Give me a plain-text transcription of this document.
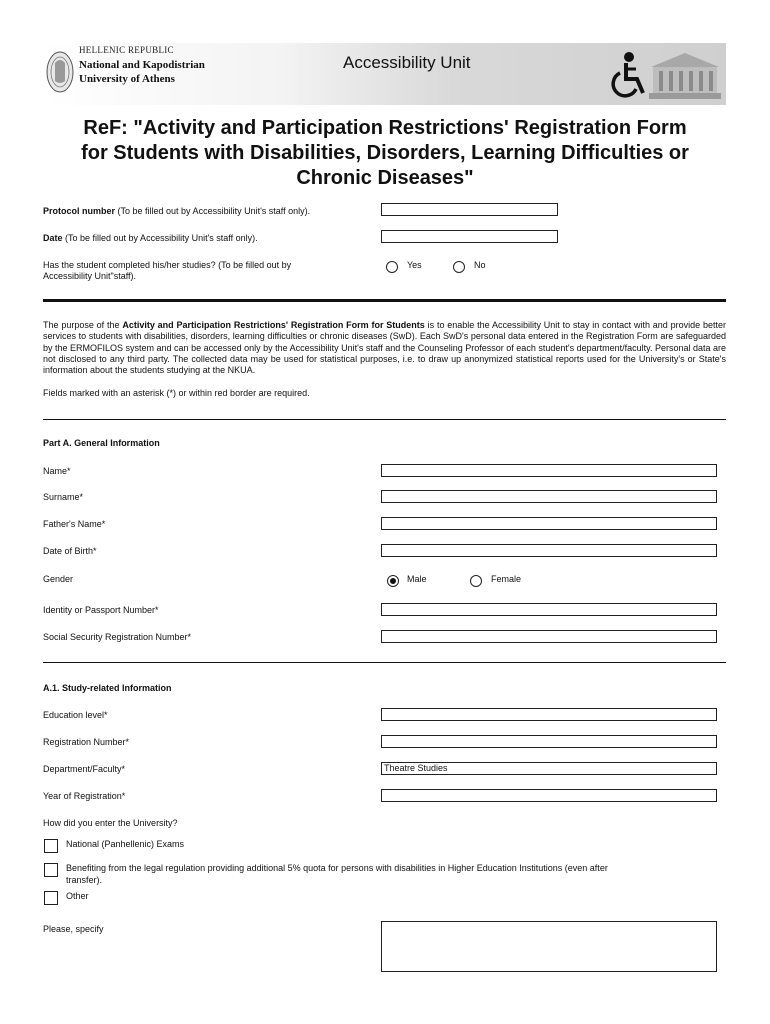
HELLENIC REPUBLIC
National and Kapodistrian
University of Athens
Accessibility Unit
ReF: "Activity and Participation Restrictions' Registration Form
for Students with Disabilities, Disorders, Learning Difficulties or
Chronic Diseases"
Protocol number (To be filled out by Accessibility Unit's staff only).
Date (To be filled out by Accessibility Unit's staff only).
Has the student completed his/her studies? (To be filled out by
Accessibility Unit"staff).
Yes	No
The purpose of the Activity and Participation Restrictions' Registration Form for Students is to enable the Accessibility Unit to stay in contact with and provide better services to students with disabilities, disorders, learning difficulties or chronic diseases (SwD). Each SwD's personal data entered in the Registration Form are safeguarded by the ERMOFILOS system and can be accessed only by the Accessibility Unit's staff and the Counseling Professor of each student's department/faculty. Personal data are not disclosed to any third party. The collected data may be used for statistical purposes, i.e. to draw up anonymized statistical reports used for the University's or State's information about the students studying at the NKUA.
Fields marked with an asterisk (*) or within red border are required.
Part A. General Information
Name*
Surname*
Father's Name*
Date of Birth*
Gender	Male	Female
Identity or Passport Number*
Social Security Registration Number*
A.1. Study-related Information
Education level*
Registration Number*
Department/Faculty*	Theatre Studies
Year of Registration*
How did you enter the University?
National (Panhellenic) Exams
Benefiting from the legal regulation providing additional 5% quota for persons with disabilities in Higher Education Institutions (even after
transfer).
Other
Please, specify
